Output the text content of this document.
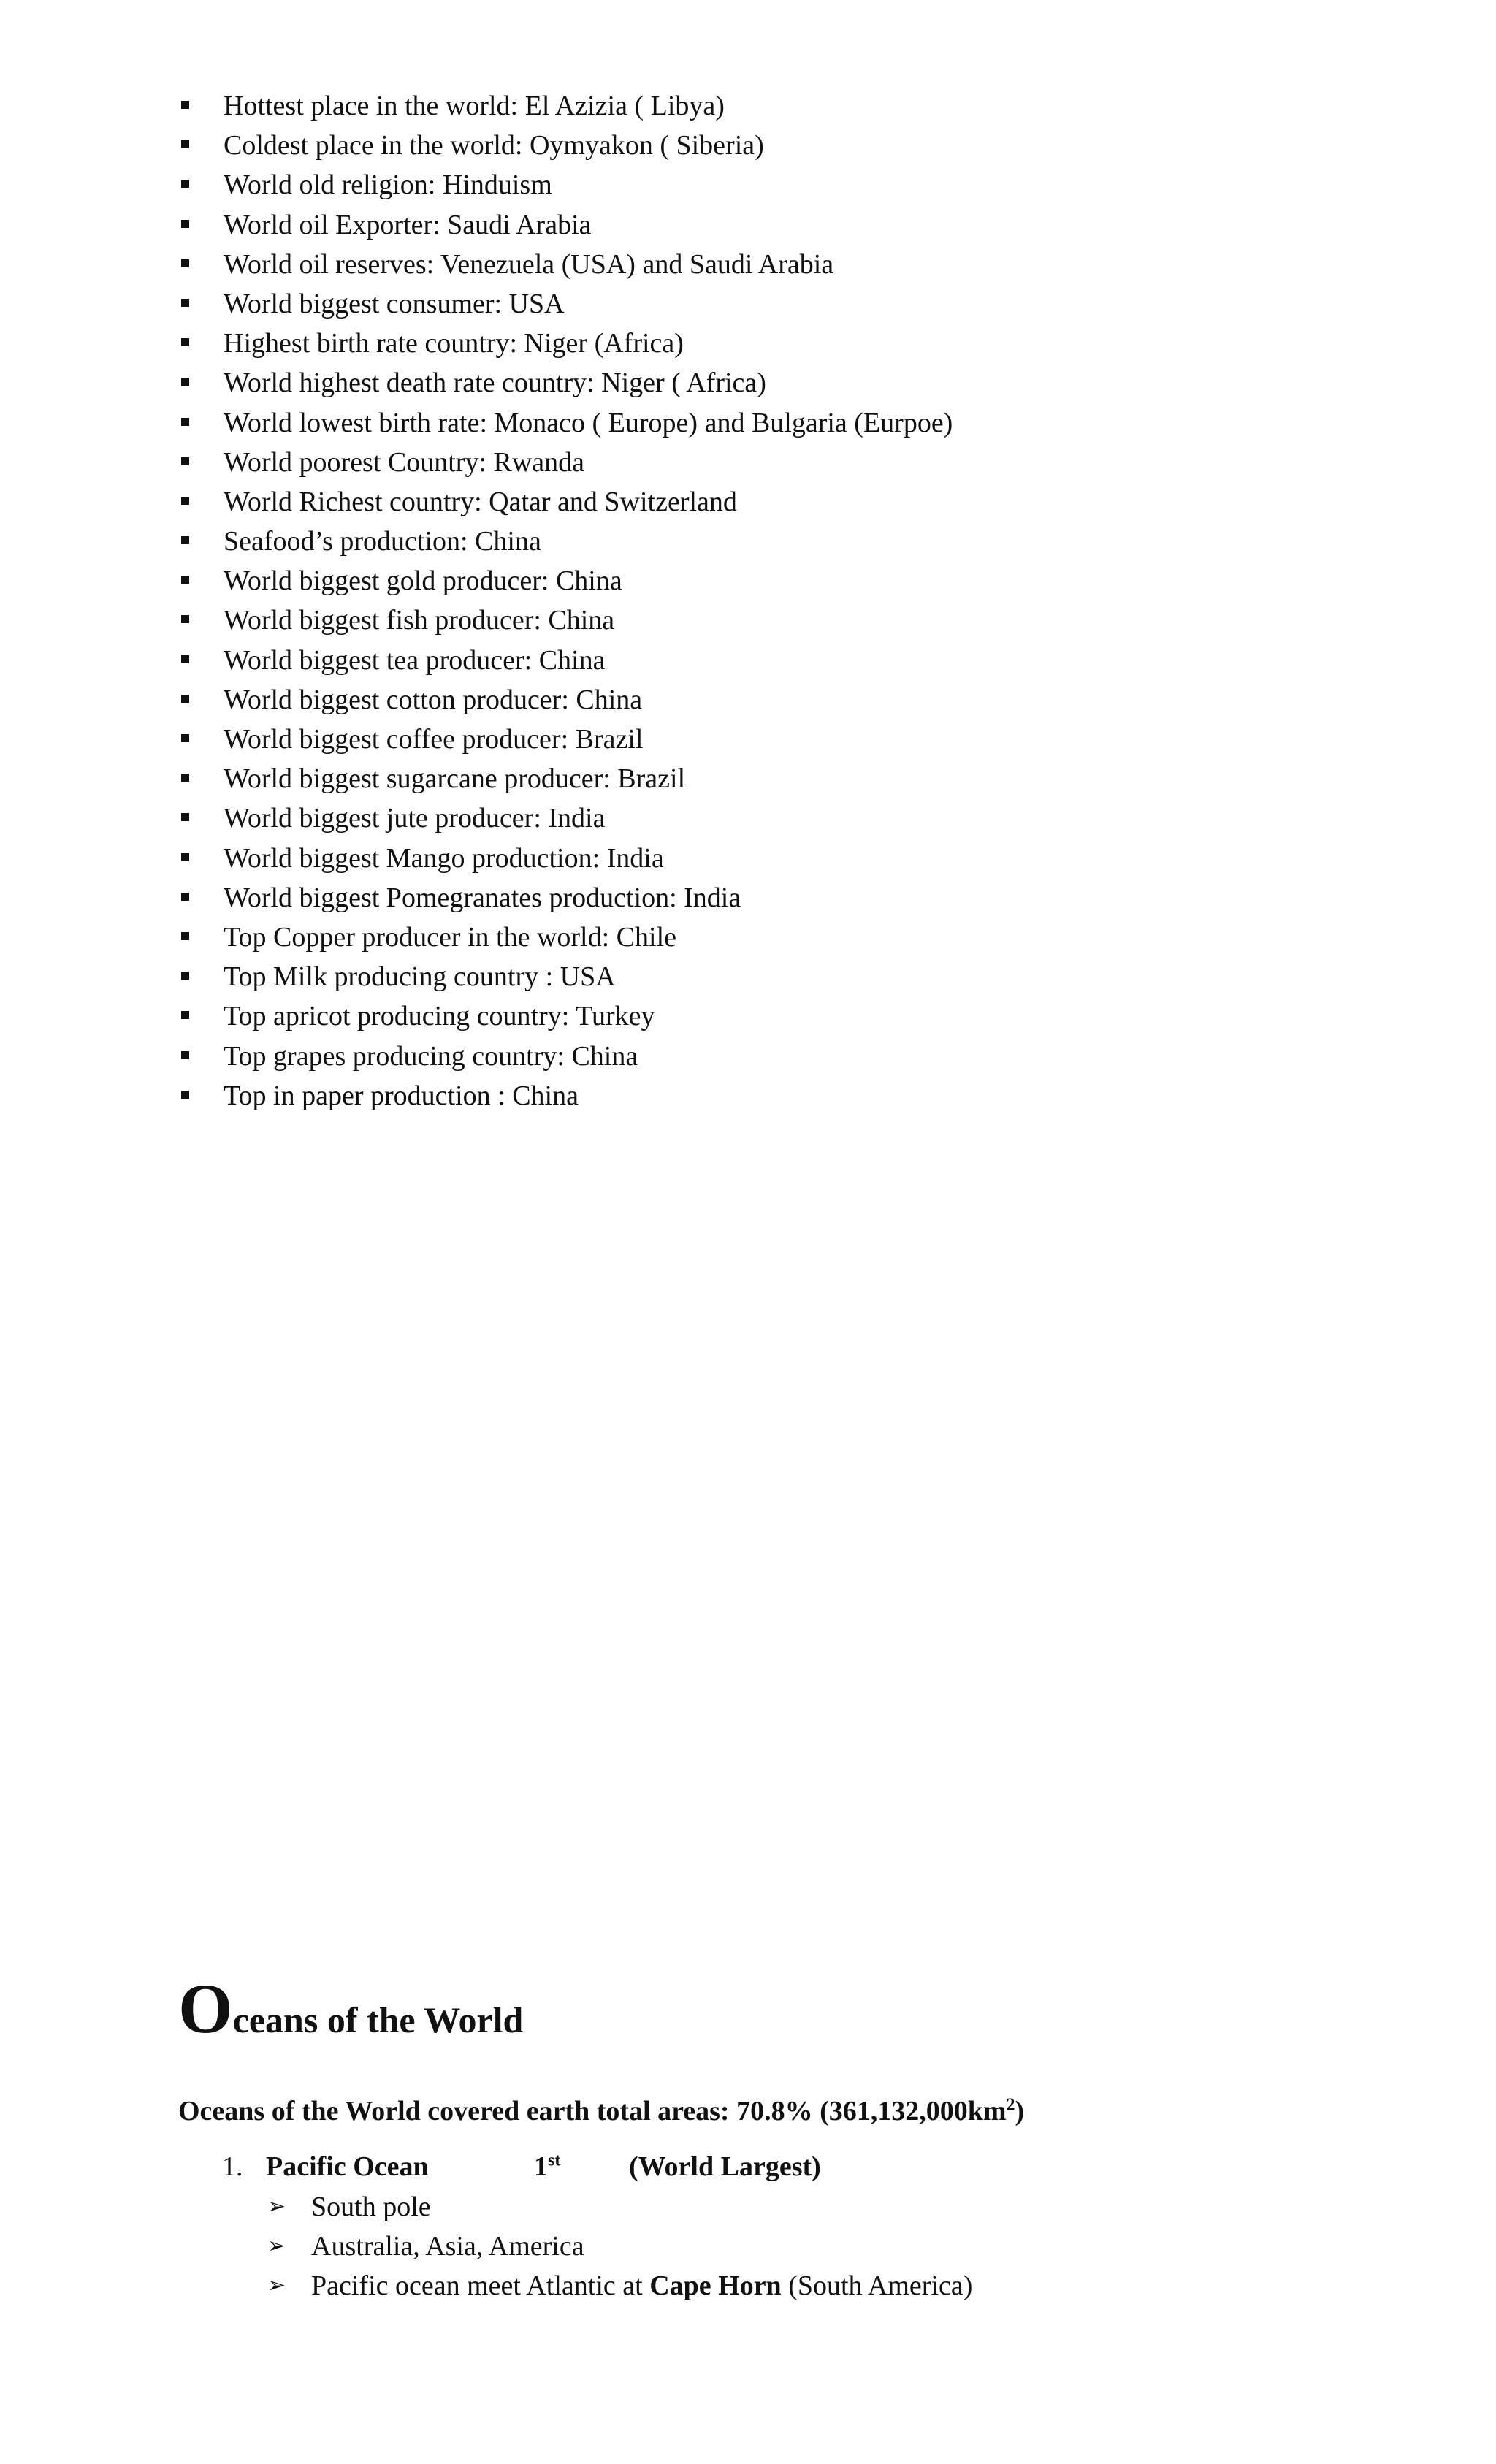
Hottest place in the world: El Azizia ( Libya)
Coldest place in the world: Oymyakon ( Siberia)
World old religion: Hinduism
World oil Exporter: Saudi Arabia
World oil reserves: Venezuela (USA) and Saudi Arabia
World biggest consumer: USA
Highest birth rate country: Niger (Africa)
World highest death rate country: Niger ( Africa)
World lowest birth rate: Monaco ( Europe) and Bulgaria (Eurpoe)
World poorest Country: Rwanda
World Richest country: Qatar and Switzerland
Seafood’s production: China
World biggest gold producer: China
World biggest fish producer: China
World biggest tea producer: China
World biggest cotton producer: China
World biggest coffee producer: Brazil
World biggest sugarcane producer: Brazil
World biggest jute producer: India
World biggest Mango production: India
World biggest Pomegranates production: India
Top Copper producer in the world: Chile
Top Milk producing country : USA
Top apricot producing country: Turkey
Top grapes producing country: China
Top in paper production : China
Oceans of the World

Oceans of the World covered earth total areas: 70.8% $(361,132,000km^2)$

1. Pacific Ocean	1st (World Largest)
➢ South pole
➢ Australia, Asia, America
➢ Pacific ocean meet Atlantic at Cape Horn (South America)
